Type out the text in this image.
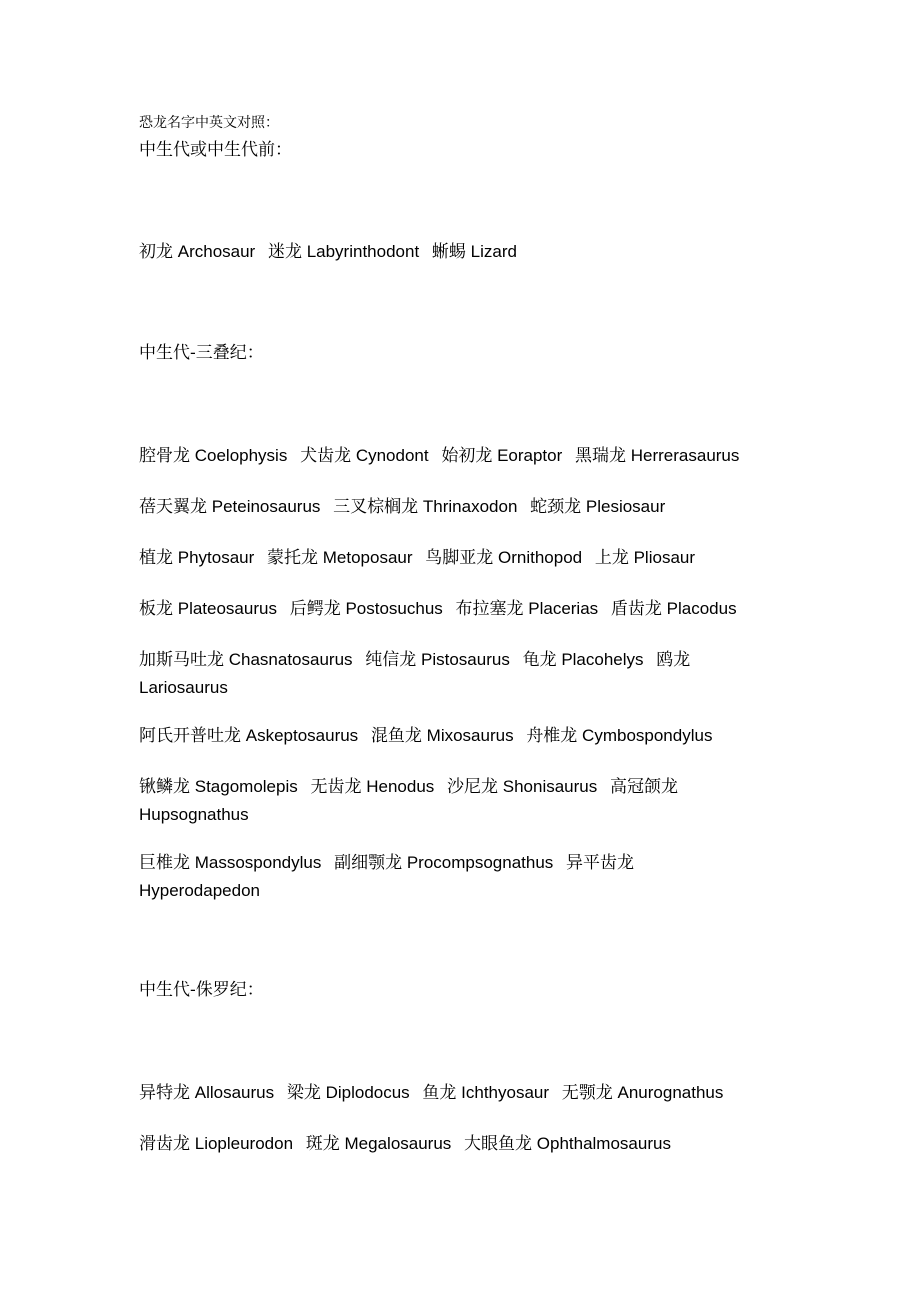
恐龙名字中英文对照：
中生代或中生代前：
初龙 Archosaur 迷龙 Labyrinthodont 蜥蜴 Lizard
中生代-三叠纪：
腔骨龙 Coelophysis 犬齿龙 Cynodont 始初龙 Eoraptor 黑瑞龙 Herrerasaurus
蓓天翼龙 Peteinosaurus 三叉棕榈龙 Thrinaxodon 蛇颈龙 Plesiosaur
植龙 Phytosaur 蒙托龙 Metoposaur 鸟脚亚龙 Ornithopod 上龙 Pliosaur
板龙 Plateosaurus 后鳄龙 Postosuchus 布拉塞龙 Placerias 盾齿龙 Placodus
加斯马吐龙 Chasnatosaurus 纯信龙 Pistosaurus 龟龙 Placohelys 鸥龙
Lariosaurus
阿氏开普吐龙 Askeptosaurus 混鱼龙 Mixosaurus 舟椎龙 Cymbospondylus
锹鳞龙 Stagomolepis 无齿龙 Henodus 沙尼龙 Shonisaurus 高冠颌龙
Hupsognathus
巨椎龙 Massospondylus 副细颚龙 Procompsognathus 异平齿龙
Hyperodapedon
中生代-侏罗纪：
异特龙 Allosaurus 梁龙 Diplodocus 鱼龙 Ichthyosaur 无颚龙 Anurognathus
滑齿龙 Liopleurodon 斑龙 Megalosaurus 大眼鱼龙 Ophthalmosaurus
